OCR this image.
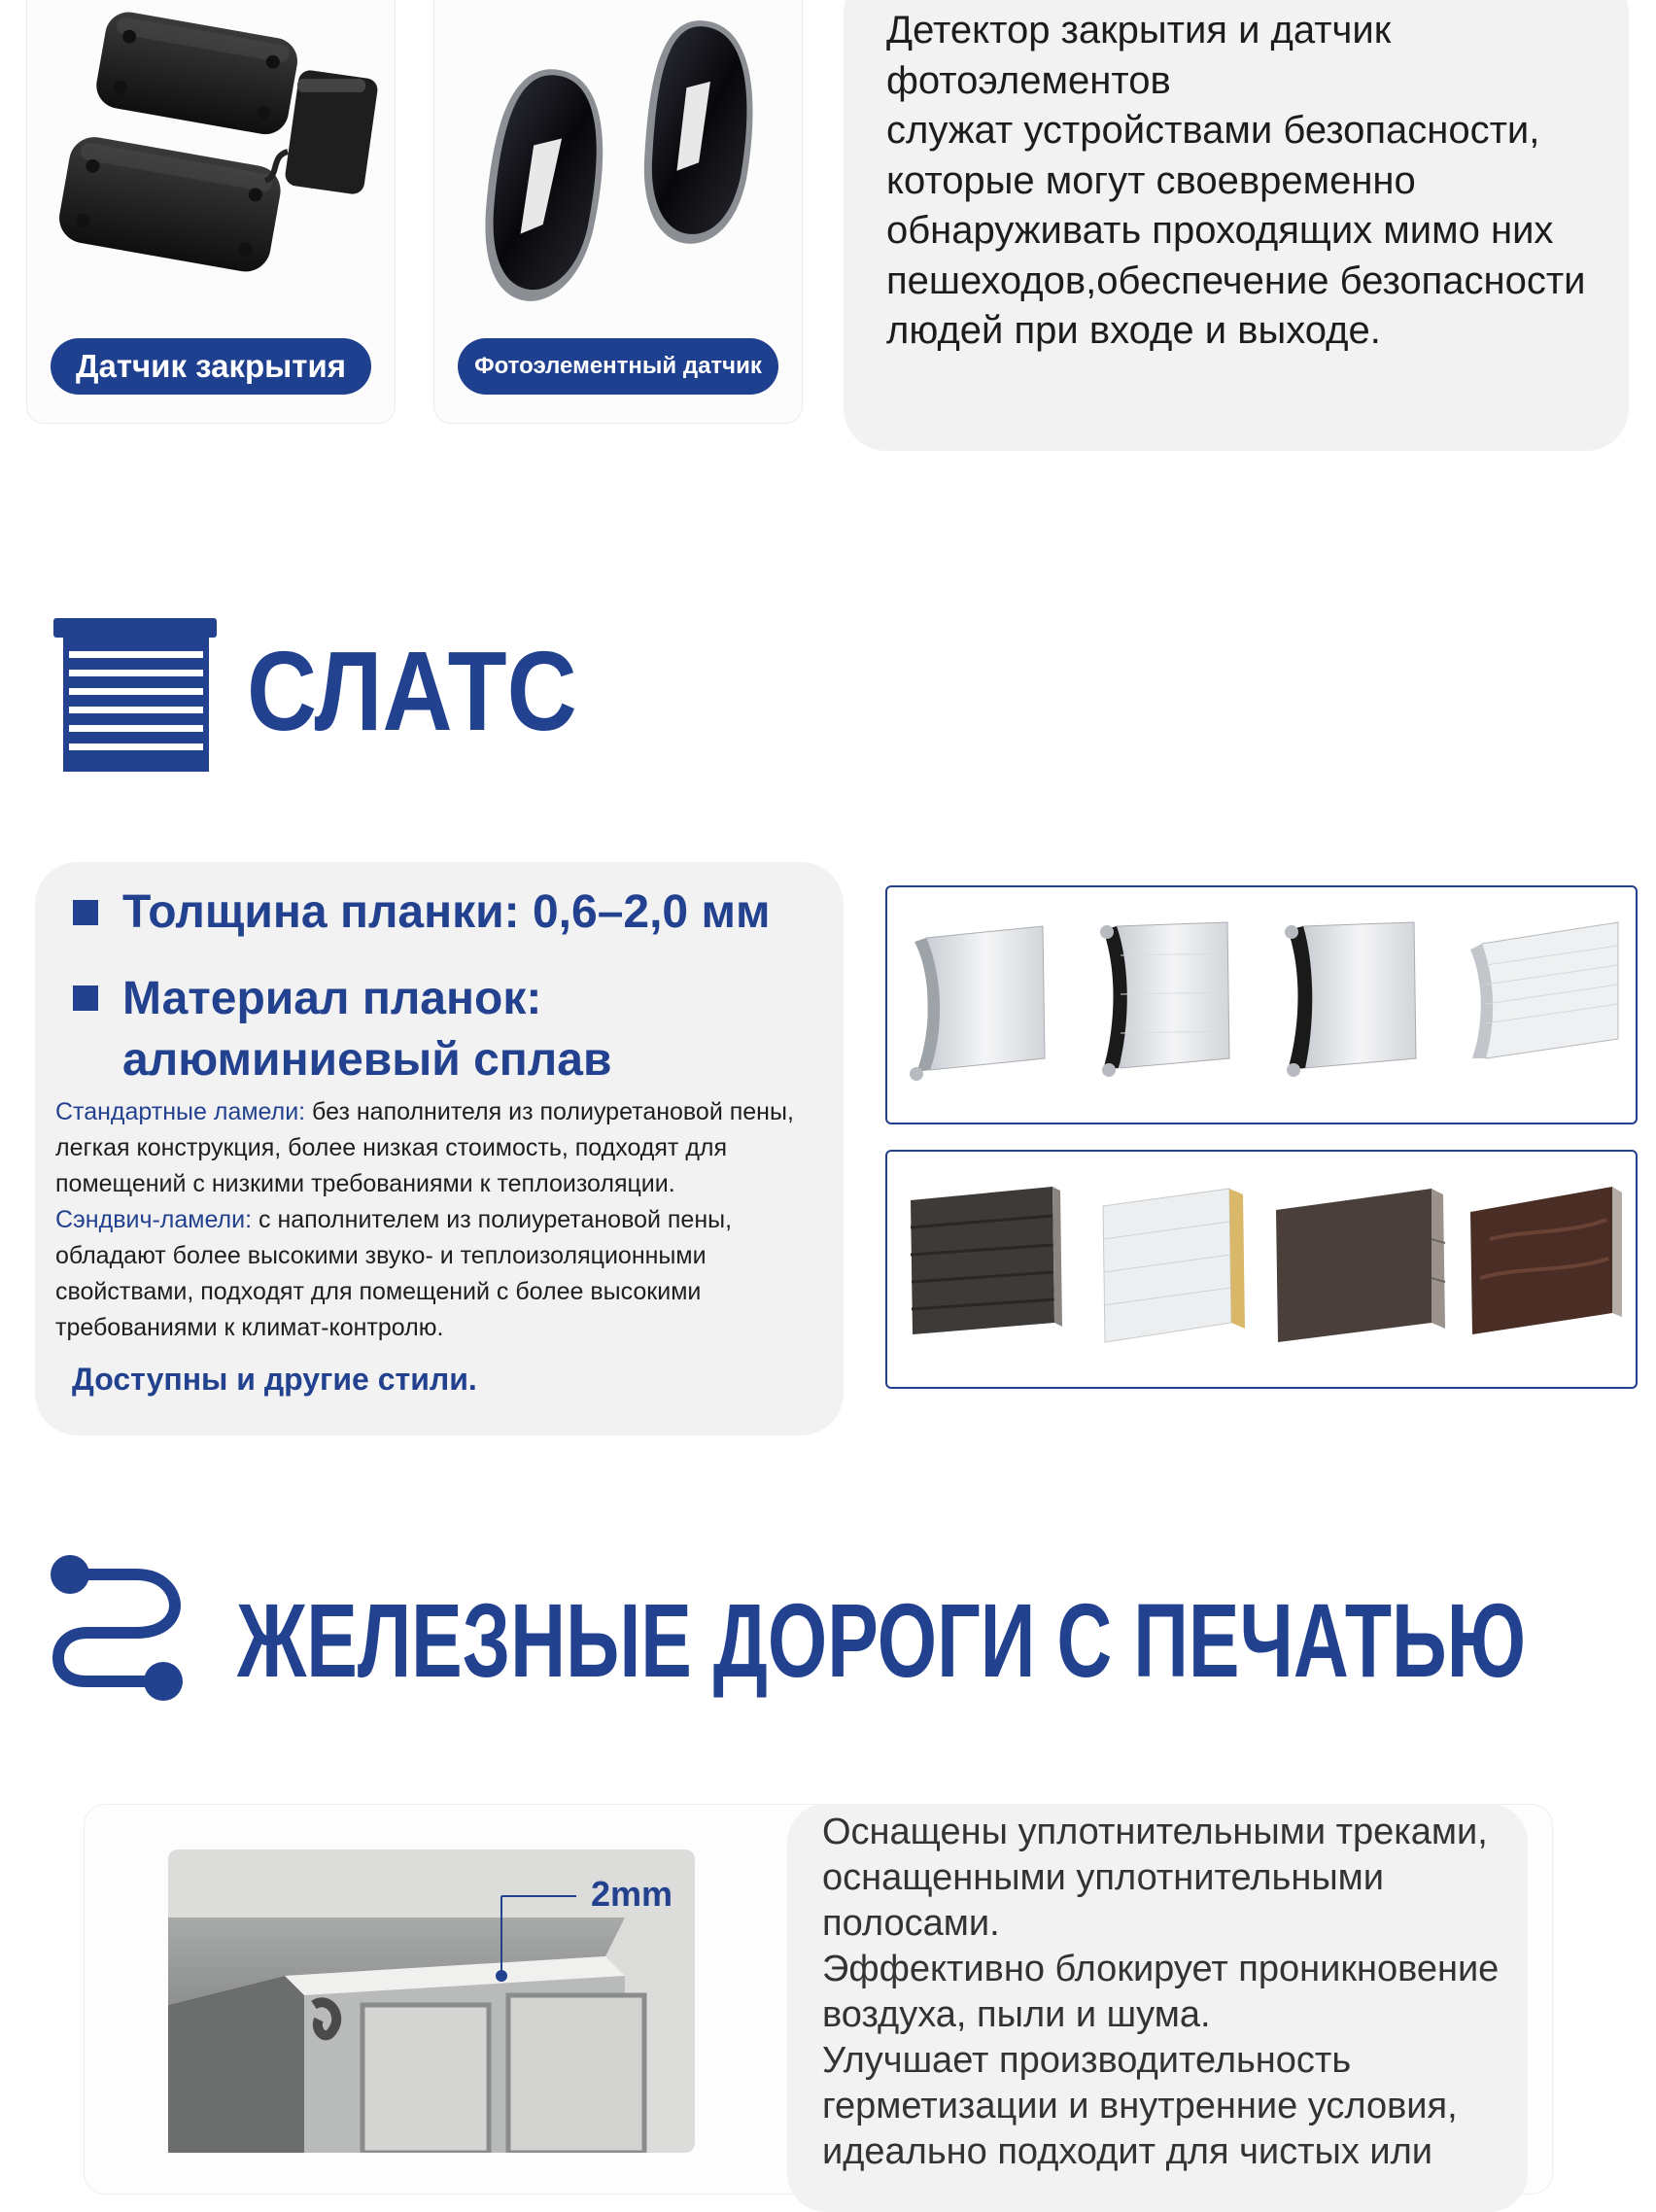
Датчик закрытия	Фотоэлементный датчик

Детектор закрытия и датчик фотоэлементов

служат устройствами безопасности, которые могут своевременно обнаруживать проходящих мимо них пешеходов,обеспечение безопасности людей при входе и выходе.

СЛАТС
Толщина планки: 0,6–2,0 мм
Материал планок:
алюминиевый сплав

Стандартные ламели: без наполнителя из полиуретановой пены, легкая конструкция, более низкая стоимость, подходят для помещений с низкими требованиями к теплоизоляции.

Сэндвич-ламели: с наполнителем из полиуретановой пены, обладают более высокими звуко- и теплоизоляционными свойствами, подходят для помещений с более высокими требованиями к климат-контролю.

Доступны и другие стили.
ЖЕЛЕЗНЫЕ ДОРОГИ С ПЕЧАТЬЮ
2mm

Оснащены уплотнительными треками, оснащенными уплотнительными полосами.

Эффективно блокирует проникновение воздуха, пыли и шума.

Улучшает производительность герметизации и внутренние условия, идеально подходит для чистых или
